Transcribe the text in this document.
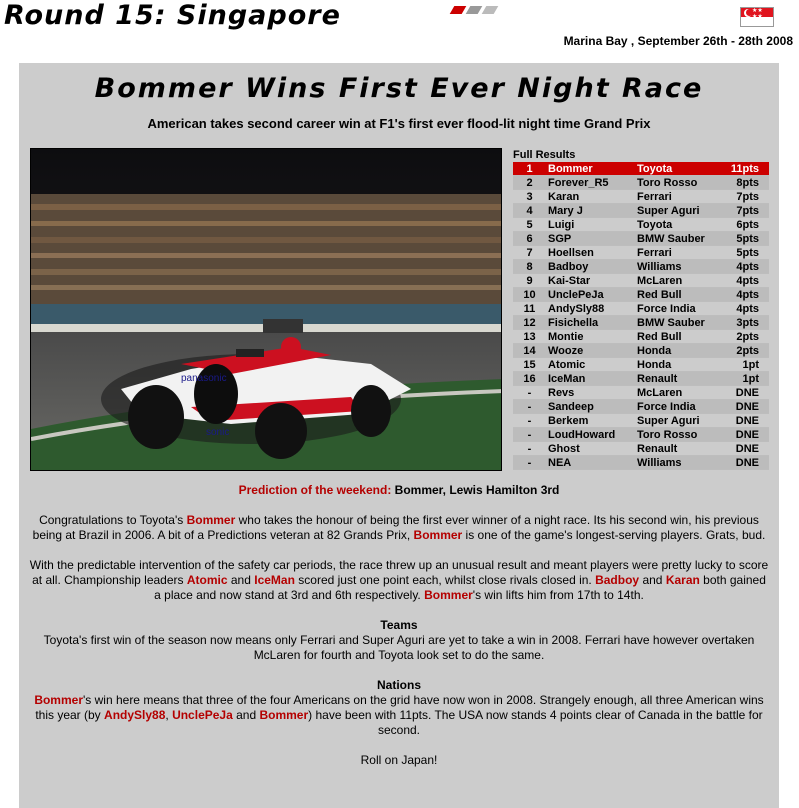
Round 15: Singapore	★★
★★
Marina Bay , September 26th - 28th 2008
Bommer Wins First Ever Night Race
American takes second career win at F1's first ever flood-lit night time Grand Prix
panasonic
sonic
Full Results
1	Bommer	Toyota	11pts
2	Forever_R5	Toro Rosso	8pts
3	Karan	Ferrari	7pts
4	Mary J	Super Aguri	7pts
5	Luigi	Toyota	6pts
6	SGP	BMW Sauber	5pts
7	Hoellsen	Ferrari	5pts
8	Badboy	Williams	4pts
9	Kai-Star	McLaren	4pts
10	UnclePeJa	Red Bull	4pts
11	AndySly88	Force India	4pts
12	Fisichella	BMW Sauber	3pts
13	Montie	Red Bull	2pts
14	Wooze	Honda	2pts
15	Atomic	Honda	1pt
16	IceMan	Renault	1pt
-	Revs	McLaren	DNE
-	Sandeep	Force India	DNE
-	Berkem	Super Aguri	DNE
-	LoudHoward	Toro Rosso	DNE
-	Ghost	Renault	DNE
-	NEA	Williams	DNE

Prediction of the weekend: Bommer, Lewis Hamilton 3rd

Congratulations to Toyota's Bommer who takes the honour of being the first ever winner of a night race. Its his second win, his previous being at Brazil in 2006. A bit of a Predictions veteran at 82 Grands Prix, Bommer is one of the game's longest-serving players. Grats, bud.

With the predictable intervention of the safety car periods, the race threw up an unusual result and meant players were pretty lucky to score at all. Championship leaders Atomic and IceMan scored just one point each, whilst close rivals closed in. Badboy and Karan both gained a place and now stand at 3rd and 6th respectively. Bommer's win lifts him from 17th to 14th.

Teams

Toyota's first win of the season now means only Ferrari and Super Aguri are yet to take a win in 2008. Ferrari have however overtaken McLaren for fourth and Toyota look set to do the same.

Nations

Bommer's win here means that three of the four Americans on the grid have now won in 2008. Strangely enough, all three American wins this year (by AndySly88, UnclePeJa and Bommer) have been with 11pts. The USA now stands 4 points clear of Canada in the battle for second.

Roll on Japan!
